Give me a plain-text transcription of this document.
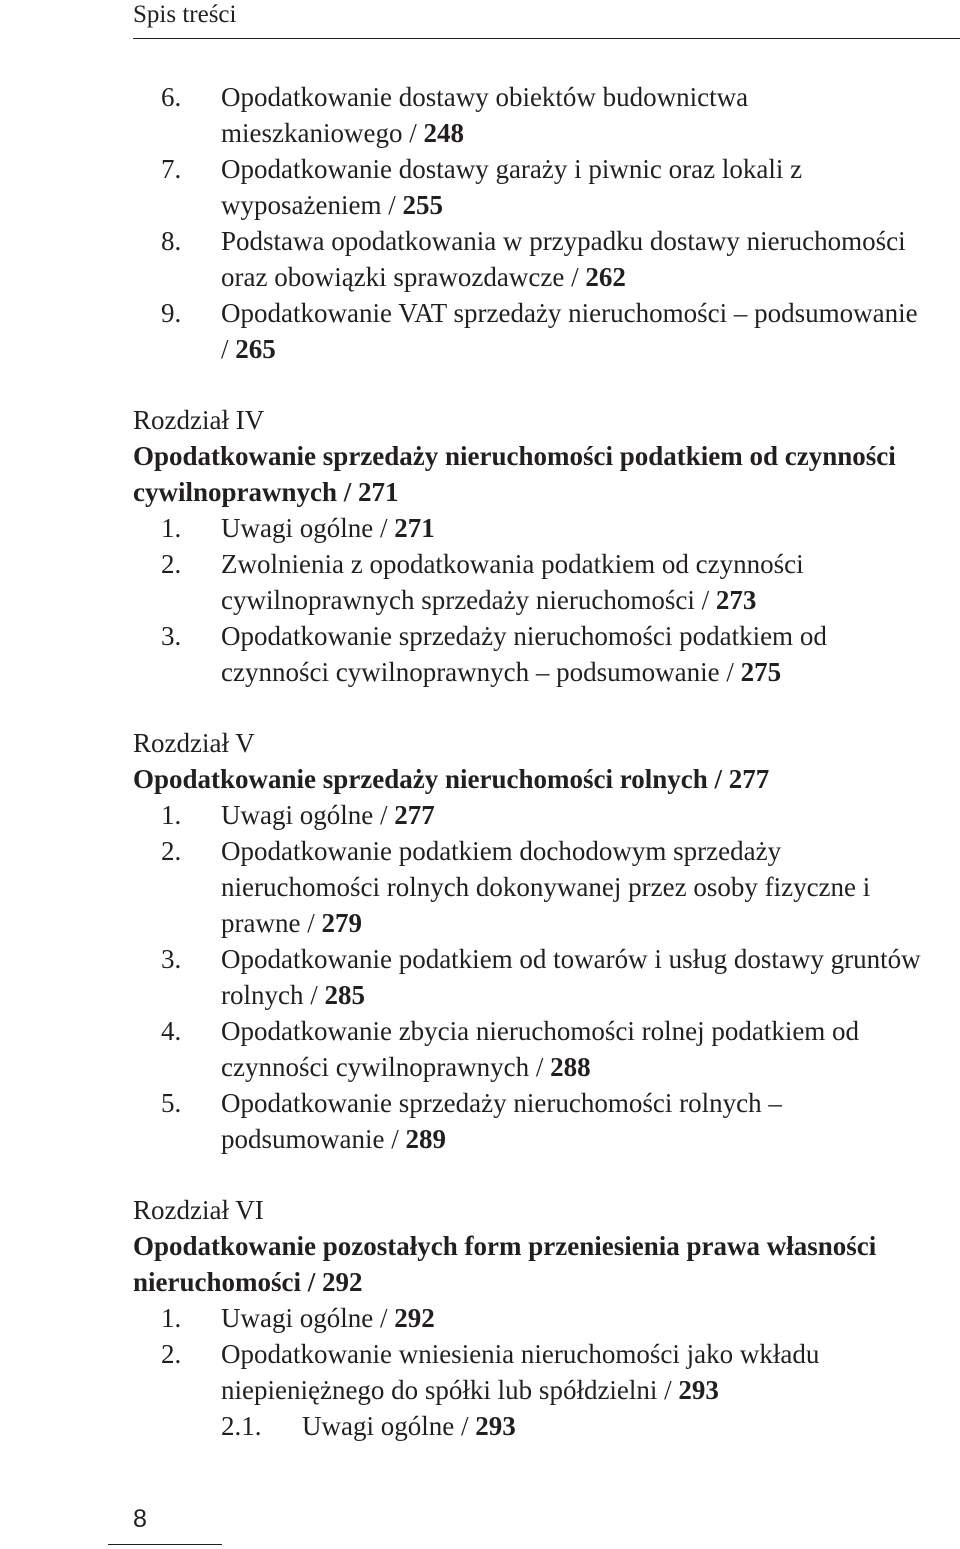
Spis treści
6. Opodatkowanie dostawy obiektów budownictwa mieszkaniowego / 248
7. Opodatkowanie dostawy garaży i piwnic oraz lokali z wyposażeniem / 255
8. Podstawa opodatkowania w przypadku dostawy nieruchomości oraz obowiązki sprawozdawcze / 262
9. Opodatkowanie VAT sprzedaży nieruchomości – podsumowanie / 265
Rozdział IV
Opodatkowanie sprzedaży nieruchomości podatkiem od czynności cywilnoprawnych / 271
1. Uwagi ogólne / 271
2. Zwolnienia z opodatkowania podatkiem od czynności cywilnoprawnych sprzedaży nieruchomości / 273
3. Opodatkowanie sprzedaży nieruchomości podatkiem od czynności cywilnoprawnych – podsumowanie / 275
Rozdział V
Opodatkowanie sprzedaży nieruchomości rolnych / 277
1. Uwagi ogólne / 277
2. Opodatkowanie podatkiem dochodowym sprzedaży nieruchomości rolnych dokonywanej przez osoby fizyczne i prawne / 279
3. Opodatkowanie podatkiem od towarów i usług dostawy gruntów rolnych / 285
4. Opodatkowanie zbycia nieruchomości rolnej podatkiem od czynności cywilnoprawnych / 288
5. Opodatkowanie sprzedaży nieruchomości rolnych – podsumowanie / 289
Rozdział VI
Opodatkowanie pozostałych form przeniesienia prawa własności nieruchomości / 292
1. Uwagi ogólne / 292
2. Opodatkowanie wniesienia nieruchomości jako wkładu niepieniężnego do spółki lub spółdzielni / 293
2.1. Uwagi ogólne / 293
8
